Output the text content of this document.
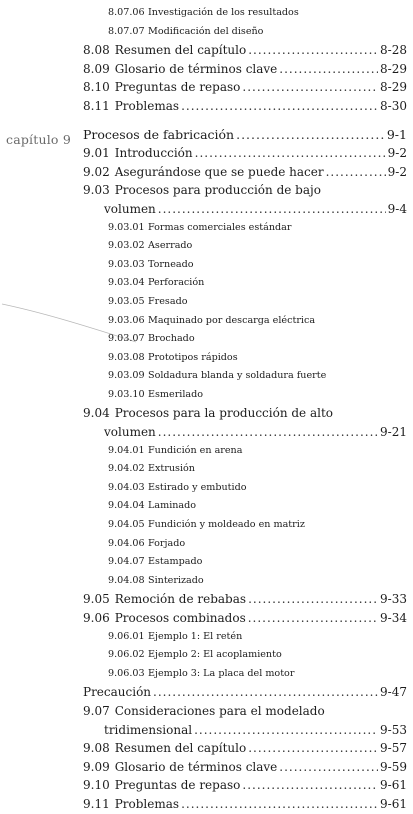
capítulo 9
8.07.06 Investigación de los resultados
8.07.07 Modificación del diseño
8.08 Resumen del capítulo .....	8-28
8.09 Glosario de términos clave .....	8-29
8.10 Preguntas de repaso .....	8-29
8.11 Problemas .....	8-30
Procesos de fabricación .....	9-1
9.01 Introducción .....	9-2
9.02 Asegurándose que se puede hacer .....	9-2
9.03 Procesos para producción de bajo
volumen .....	9-4
9.03.01 Formas comerciales estándar
9.03.02 Aserrado
9.03.03 Torneado
9.03.04 Perforación
9.03.05 Fresado
9.03.06 Maquinado por descarga eléctrica
9.03.07 Brochado
9.03.08 Prototipos rápidos
9.03.09 Soldadura blanda y soldadura fuerte
9.03.10 Esmerilado
9.04 Procesos para la producción de alto
volumen .....	9-21
9.04.01 Fundición en arena
9.04.02 Extrusión
9.04.03 Estirado y embutido
9.04.04 Laminado
9.04.05 Fundición y moldeado en matriz
9.04.06 Forjado
9.04.07 Estampado
9.04.08 Sinterizado
9.05 Remoción de rebabas .....	9-33
9.06 Procesos combinados .....	9-34
9.06.01 Ejemplo 1: El retén
9.06.02 Ejemplo 2: El acoplamiento
9.06.03 Ejemplo 3: La placa del motor
Precaución .....	9-47
9.07 Consideraciones para el modelado
tridimensional .....	9-53
9.08 Resumen del capítulo .....	9-57
9.09 Glosario de términos clave .....	9-59
9.10 Preguntas de repaso .....	9-61
9.11 Problemas .....	9-61
